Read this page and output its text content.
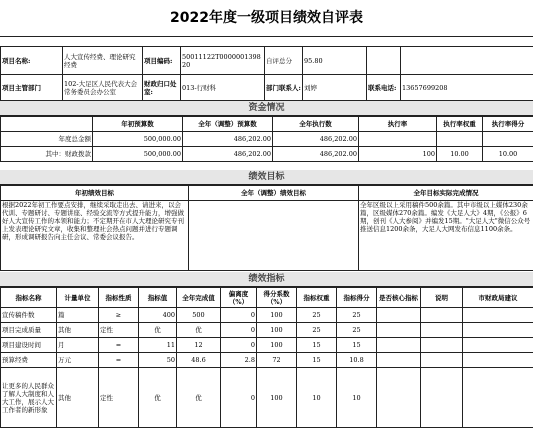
2022年度一级项目绩效自评表
项目名称:	人大宣传经费、理论研究经费	项目编码:	50011122T000000139820	自评总分	95.80		
项目主管部门	102-大足区人民代表大会常务委员会办公室	财政归口处室:	013-行财科	部门联系人:	刘婷	联系电话:	13657699208
资金情况
	年初预算数	全年（调整）预算数	全年执行数	执行率	执行率权重	执行率得分
年度总金额	500,000.00	486,202.00	486,202.00			
其中：财政拨款	500,000.00	486,202.00	486,202.00	100	10.00	10.00
绩效目标
年初绩效目标	全年（调整）绩效目标	全年目标实际完成情况
根据2022年初工作要点安排，继续采取走出去、请进来，以会代训、专题研讨、专题讲座、经验交流等方式提升能力，增强做好人大宣传工作的本领和能力；不定期开在市人大理论研究专刊上发表理论研究文章，收集和整理社会热点问题并进行专题调研，形成调研报告向主任会议、常委会议报告。		全年区级以上采用稿件500余篇。其中市级以上媒体230余篇，区级媒体270余篇。编发《大足人大》4期，《公报》6期，创刊《人大参阅》并编发15期。"大足人大"微信公众号推送信息1200余条，大足人大网发布信息1100余条。
绩效指标
指标名称	计量单位	指标性质	指标值	全年完成值	偏离度（%）	得分系数（%）	指标权重	指标得分	是否核心指标	说明	市财政局建议
宣传稿件数	篇	≥	400	500	0	100	25	25			
项目完成质量	其他	定性	优	优	0	100	25	25			
项目建设时间	月	=	11	12	0	100	15	15			
预算经费	万元	=	50	48.6	2.8	72	15	10.8			
让更多的人民群众了解人大制度和人大工作，展示人大工作者的新形象	其他	定性	优	优	0	100	10	10			
